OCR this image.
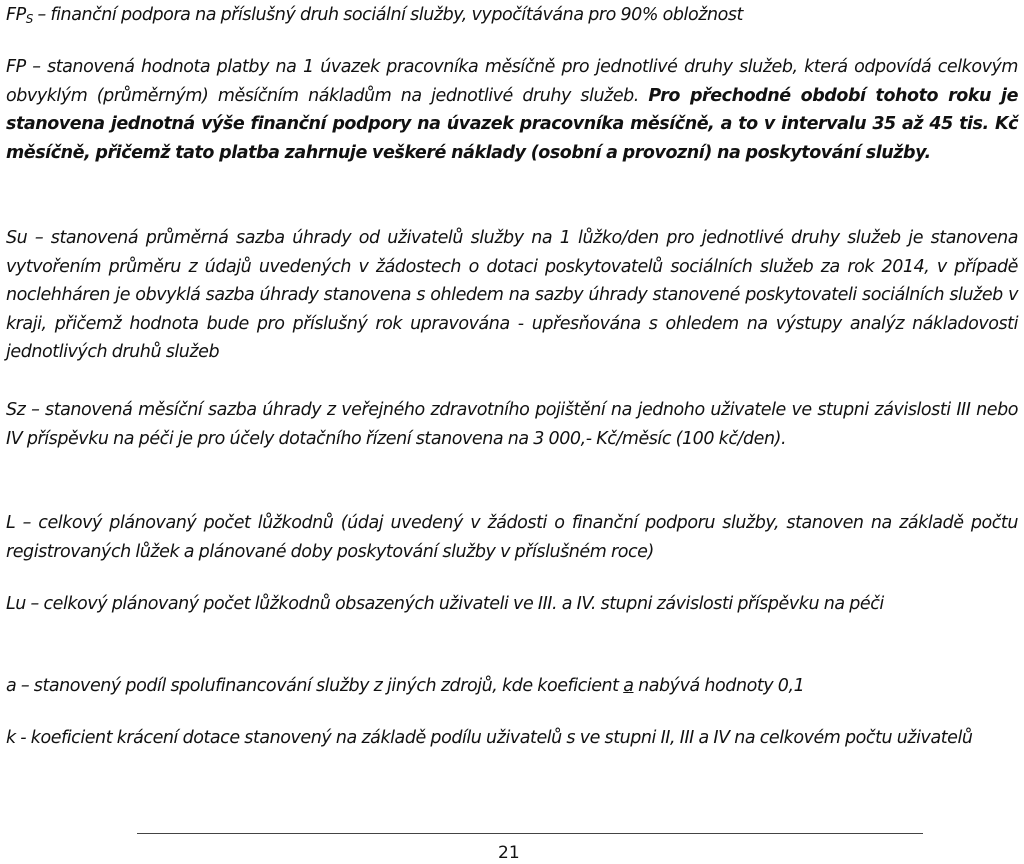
FPS – finanční podpora na příslušný druh sociální služby, vypočítávána pro 90% obložnost

FP – stanovená hodnota platby na 1 úvazek pracovníka měsíčně pro jednotlivé druhy služeb, která odpovídá celkovým obvyklým (průměrným) měsíčním nákladům na jednotlivé druhy služeb. Pro přechodné období tohoto roku je stanovena jednotná výše finanční podpory na úvazek pracovníka měsíčně, a to v intervalu 35 až 45 tis. Kč měsíčně, přičemž tato platba zahrnuje veškeré náklady (osobní a provozní) na poskytování služby.

Su – stanovená průměrná sazba úhrady od uživatelů služby na 1 lůžko/den pro jednotlivé druhy služeb je stanovena vytvořením průměru z údajů uvedených v žádostech o dotaci poskytovatelů sociálních služeb za rok 2014, v případě noclehháren je obvyklá sazba úhrady stanovena s ohledem na sazby úhrady stanovené poskytovateli sociálních služeb v kraji, přičemž hodnota bude pro příslušný rok upravována - upřesňována s ohledem na výstupy analýz nákladovosti jednotlivých druhů služeb

Sz – stanovená měsíční sazba úhrady z veřejného zdravotního pojištění na jednoho uživatele ve stupni závislosti III nebo IV příspěvku na péči je pro účely dotačního řízení stanovena na 3 000,- Kč/měsíc (100 kč/den).

L – celkový plánovaný počet lůžkodnů (údaj uvedený v žádosti o finanční podporu služby, stanoven na základě počtu registrovaných lůžek a plánované doby poskytování služby v příslušném roce)

Lu – celkový plánovaný počet lůžkodnů obsazených uživateli ve III. a IV. stupni závislosti příspěvku na péči

a – stanovený podíl spolufinancování služby z jiných zdrojů, kde koeficient a nabývá hodnoty 0,1

k - koeficient krácení dotace stanovený na základě podílu uživatelů s ve stupni II, III a IV na celkovém počtu uživatelů

21
